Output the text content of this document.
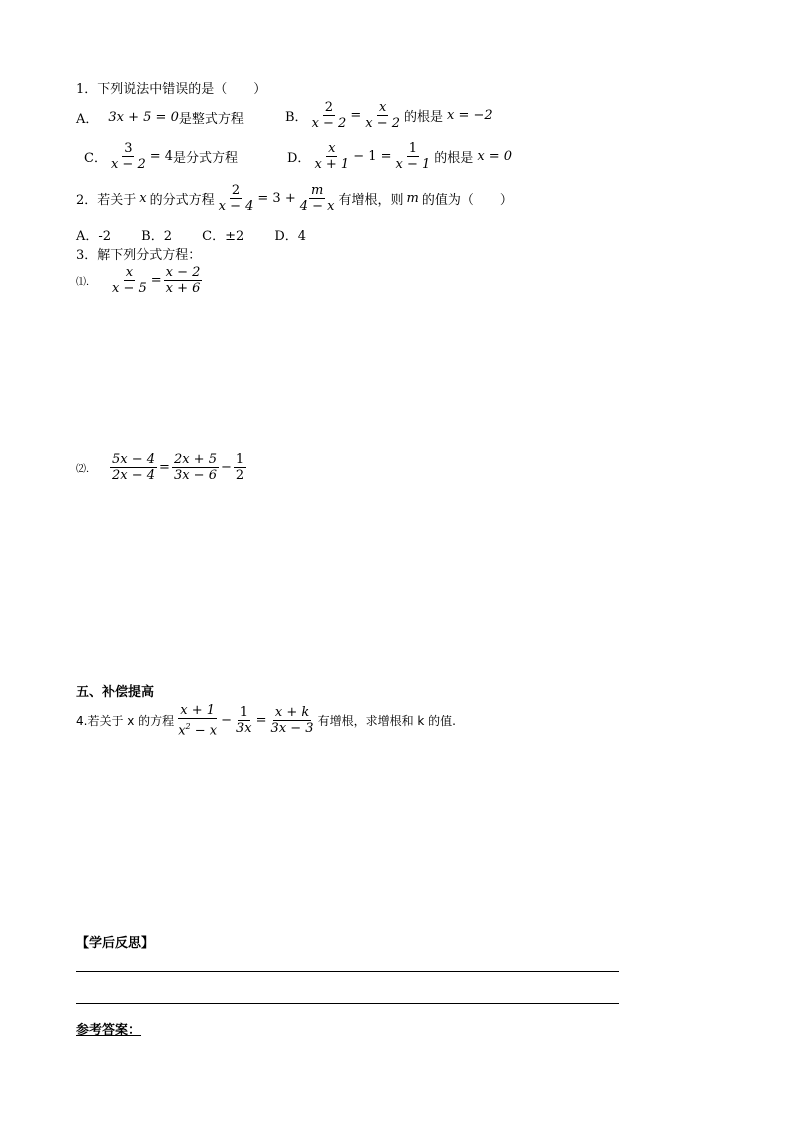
1．下列说法中错误的是（　　）
A． 3x + 5 = 0 是整式方程	B． $\frac{2}{x - 2} = \frac{x}{x - 2}$ 的根是 x = −2
C． $\frac{3}{x - 2} = 4$ 是分式方程	D． $\frac{x}{x + 1} - 1 = \frac{1}{x - 1}$ 的根是 x = 0
2．若关于 x 的分式方程 $\frac{2}{x - 4} = 3 + \frac{m}{4 - x}$ 有增根，则 m 的值为（　　）
A．-2　　 B．2　　 C．±2　　 D．4
3．解下列分式方程：
⑴． $\frac{x}{x - 5} = \frac{x - 2}{x + 6}$
⑵． $\frac{5x - 4}{2x - 4} = \frac{2x + 5}{3x - 6} - \frac{1}{2}$
五、补偿提高
4.若关于 x 的方程 $\frac{x + 1}{x^2 - x} - \frac{1}{3x} = \frac{x + k}{3x - 3}$ 有增根，求增根和 k 的值.
【学后反思】
参考答案：
